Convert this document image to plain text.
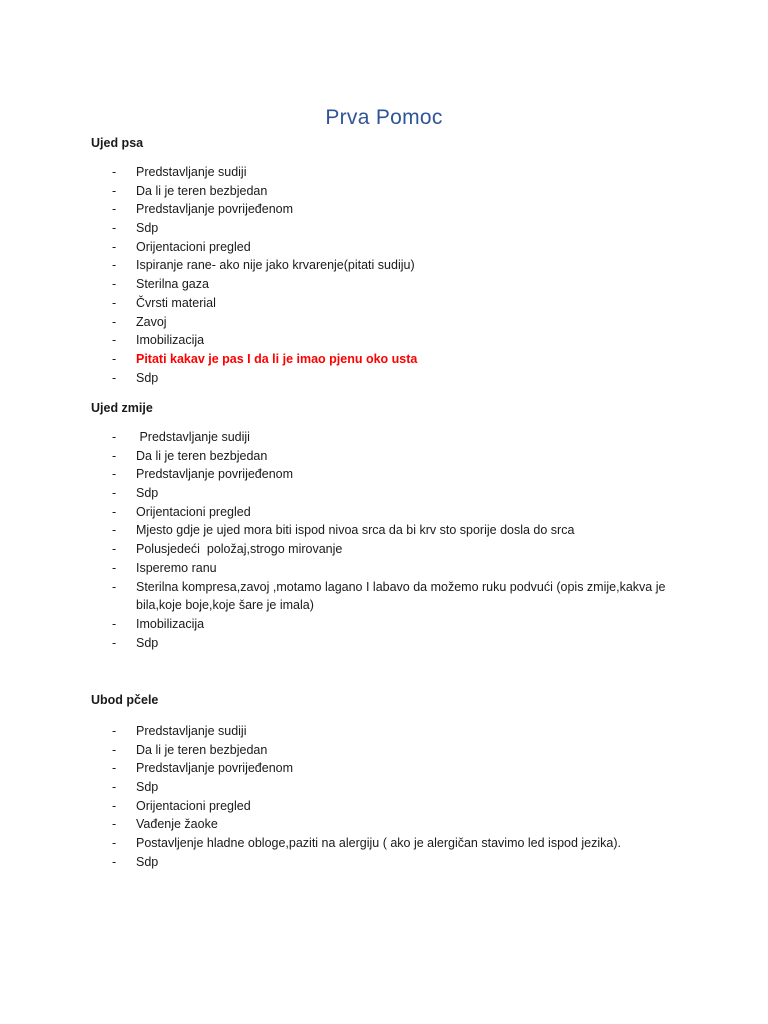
Prva Pomoc
Ujed psa
- Predstavljanje sudiji
- Da li je teren bezbjedan
- Predstavljanje povrijeđenom
- Sdp
- Orijentacioni pregled
- Ispiranje rane- ako nije jako krvarenje(pitati sudiju)
- Sterilna gaza
- Čvrsti material
- Zavoj
- Imobilizacija
- Pitati kakav je pas I da li je imao pjenu oko usta
- Sdp
Ujed zmije
- Predstavljanje sudiji
- Da li je teren bezbjedan
- Predstavljanje povrijeđenom
- Sdp
- Orijentacioni pregled
- Mjesto gdje je ujed mora biti ispod nivoa srca da bi krv sto sporije dosla do srca
- Polusjedeći  položaj,strogo mirovanje
- Isperemo ranu
- Sterilna kompresa,zavoj ,motamo lagano I labavo da možemo ruku podvući (opis zmije,kakva je bila,koje boje,koje šare je imala)
- Imobilizacija
- Sdp
Ubod pčele
- Predstavljanje sudiji
- Da li je teren bezbjedan
- Predstavljanje povrijeđenom
- Sdp
- Orijentacioni pregled
- Vađenje žaoke
- Postavljenje hladne obloge,paziti na alergiju ( ako je alergičan stavimo led ispod jezika).
- Sdp
